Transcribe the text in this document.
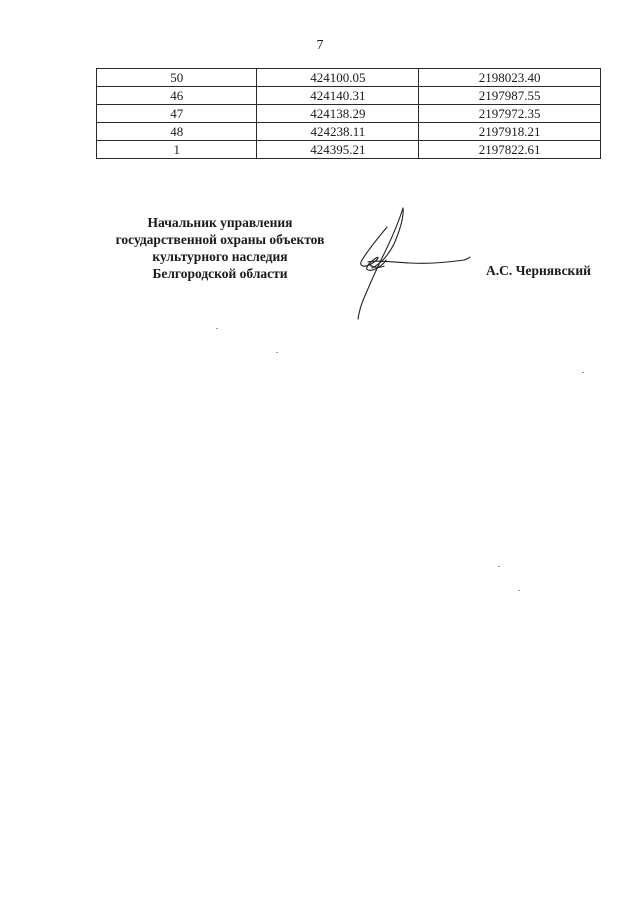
7
50	424100.05	2198023.40
46	424140.31	2197987.55
47	424138.29	2197972.35
48	424238.11	2197918.21
1	424395.21	2197822.61
Начальник управления
государственной охраны объектов
культурного наследия
Белгородской области	А.С. Чернявский
